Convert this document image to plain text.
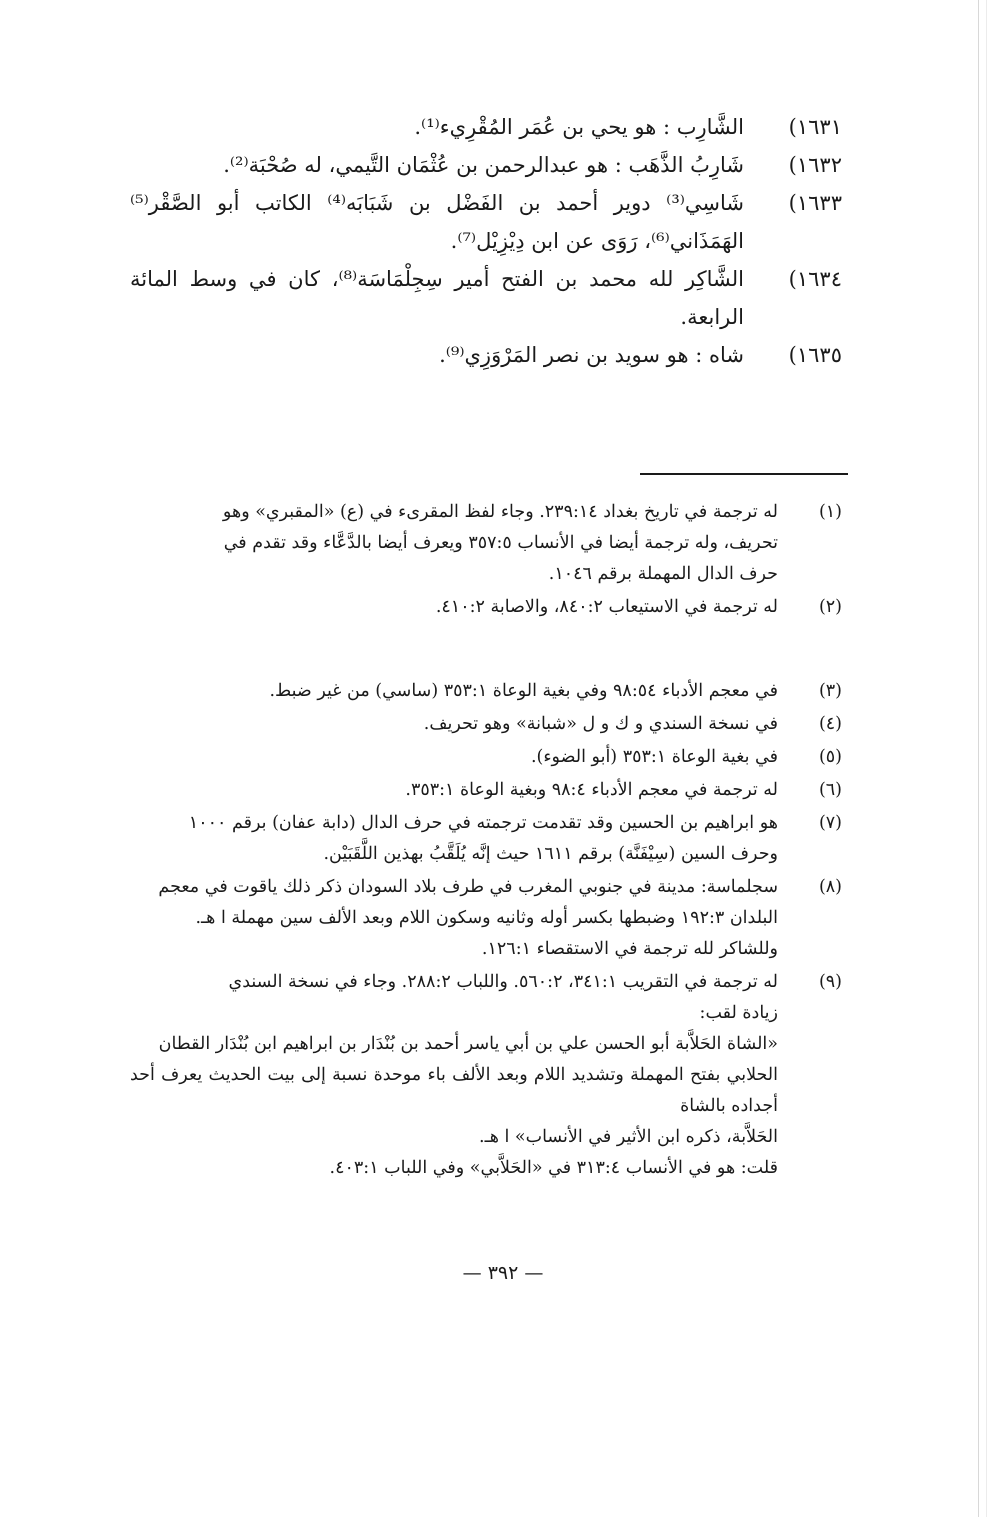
١٦٣١)
الشَّارِب : هو يحي بن عُمَر المُقْرِيء⁽¹⁾.
١٦٣٢)
شَارِبُ الذَّهَب : هو عبدالرحمن بن عُثْمَان التَّيمي، له صُحْبَة⁽²⁾.
١٦٣٣)
شَاسِي⁽³⁾ دوير أحمد بن الفَضْل بن شَبَابَه⁽⁴⁾ الكاتب أبو الصَّقْر⁽⁵⁾ الهَمَذَاني⁽⁶⁾، رَوَى عن ابن دِيْزِيْل⁽⁷⁾.
١٦٣٤)
الشَّاكِر لله محمد بن الفتح أمير سِجِلْمَاسَة⁽⁸⁾، كان في وسط المائة الرابعة.
١٦٣٥)
شاه : هو سويد بن نصر المَرْوَزِي⁽⁹⁾.
(١)
له ترجمة في تاريخ بغداد ٢٣٩:١٤. وجاء لفظ المقرىء في (ع) «المقبري» وهو
تحريف، وله ترجمة أيضا في الأنساب ٣٥٧:٥ ويعرف أيضا بالدَّعَّاء وقد تقدم في
حرف الدال المهملة برقم ١٠٤٦.
(٢)
له ترجمة في الاستيعاب ٨٤٠:٢، والاصابة ٤١٠:٢.
(٣)
في معجم الأدباء ٩٨:٥٤ وفي بغية الوعاة ٣٥٣:١ (ساسي) من غير ضبط.
(٤)
في نسخة السندي و ك و ل «شبانة» وهو تحريف.
(٥)
في بغية الوعاة ٣٥٣:١ (أبو الضوء).
(٦)
له ترجمة في معجم الأدباء ٩٨:٤ وبغية الوعاة ٣٥٣:١.
(٧)
هو ابراهيم بن الحسين وقد تقدمت ترجمته في حرف الدال (دابة عفان) برقم ١٠٠٠
وحرف السين (سِيْفَنَّة) برقم ١٦١١ حيث إنَّه يُلَقَّبُ بهذين اللَّقَبَيْن.
(٨)
سجلماسة: مدينة في جنوبي المغرب في طرف بلاد السودان ذكر ذلك ياقوت في معجم
البلدان ١٩٢:٣ وضبطها بكسر أوله وثانيه وسكون اللام وبعد الألف سين مهملة ا هـ.
وللشاكر لله ترجمة في الاستقصاء ١٢٦:١.
(٩)
له ترجمة في التقريب ٣٤١:١، ٥٦٠:٢. واللباب ٢٨٨:٢. وجاء في نسخة السندي
زيادة لقب:
«الشاة الحَلاَّبة أبو الحسن علي بن أبي ياسر أحمد بن بُنْدَار بن ابراهيم ابن بُنْدَار القطان
الحلابي بفتح المهملة وتشديد اللام وبعد الألف باء موحدة نسبة إلى بيت الحديث يعرف أحد أجداده بالشاة
الحَلاَّبة، ذكره ابن الأثير في الأنساب» ا هـ.
قلت: هو في الأنساب ٣١٣:٤ في «الحَلاَّبي» وفي اللباب ٤٠٣:١.
— ٣٩٢ —
